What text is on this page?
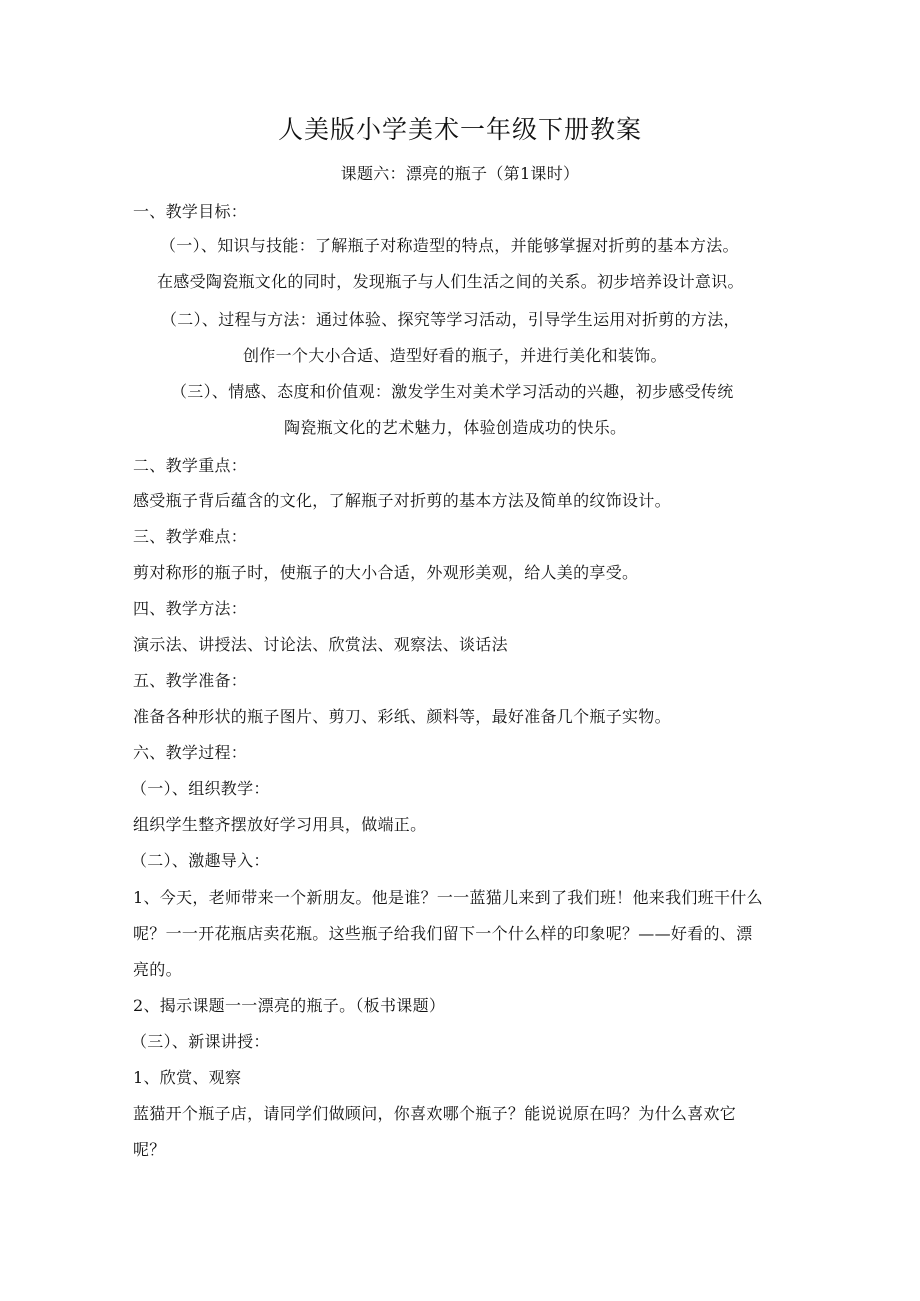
人美版小学美术一年级下册教案
课题六：漂亮的瓶子（第1课时）
一、教学目标：
（一）、知识与技能：了解瓶子对称造型的特点，并能够掌握对折剪的基本方法。
在感受陶瓷瓶文化的同时，发现瓶子与人们生活之间的关系。初步培养设计意识。
（二）、过程与方法：通过体验、探究等学习活动，引导学生运用对折剪的方法，
创作一个大小合适、造型好看的瓶子，并进行美化和装饰。
（三）、情感、态度和价值观：激发学生对美术学习活动的兴趣，初步感受传统
陶瓷瓶文化的艺术魅力，体验创造成功的快乐。
二、教学重点：
感受瓶子背后蕴含的文化，了解瓶子对折剪的基本方法及简单的纹饰设计。
三、教学难点：
剪对称形的瓶子时，使瓶子的大小合适，外观形美观，给人美的享受。
四、教学方法：
演示法、讲授法、讨论法、欣赏法、观察法、谈话法
五、教学准备：
准备各种形状的瓶子图片、剪刀、彩纸、颜料等，最好准备几个瓶子实物。
六、教学过程：
（一）、组织教学：
组织学生整齐摆放好学习用具，做端正。
（二）、激趣导入：
1、今天，老师带来一个新朋友。他是谁？一一蓝猫儿来到了我们班！他来我们班干什么
呢？一一开花瓶店卖花瓶。这些瓶子给我们留下一个什么样的印象呢？——好看的、漂
亮的。
2、揭示课题一一漂亮的瓶子。（板书课题）
（三）、新课讲授：
1、欣赏、观察
蓝猫开个瓶子店，请同学们做顾问，你喜欢哪个瓶子？能说说原在吗？为什么喜欢它
呢？
